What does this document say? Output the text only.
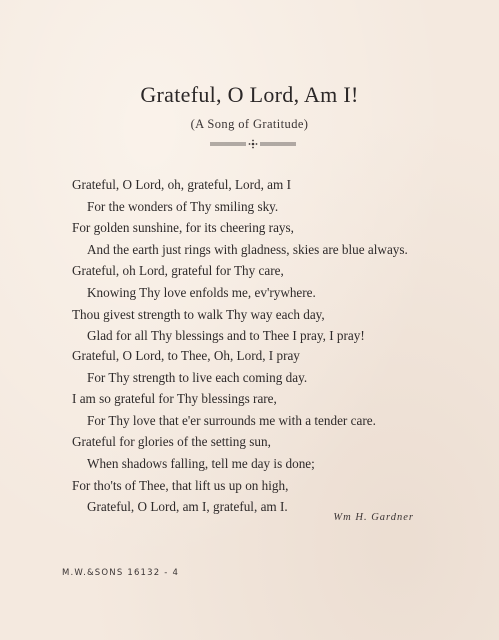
Grateful, O Lord, Am I!
(A Song of Gratitude)
Grateful, O Lord, oh, grateful, Lord, am I
For the wonders of Thy smiling sky.
For golden sunshine, for its cheering rays,
And the earth just rings with gladness, skies are blue always.
Grateful, oh Lord, grateful for Thy care,
Knowing Thy love enfolds me, ev'rywhere.
Thou givest strength to walk Thy way each day,
Glad for all Thy blessings and to Thee I pray, I pray!
Grateful, O Lord, to Thee, Oh, Lord, I pray
For Thy strength to live each coming day.
I am so grateful for Thy blessings rare,
For Thy love that e'er surrounds me with a tender care.
Grateful for glories of the setting sun,
When shadows falling, tell me day is done;
For tho'ts of Thee, that lift us up on high,
Grateful, O Lord, am I, grateful, am I.
Wm H. Gardner
M.W.&SONS 16132 - 4
